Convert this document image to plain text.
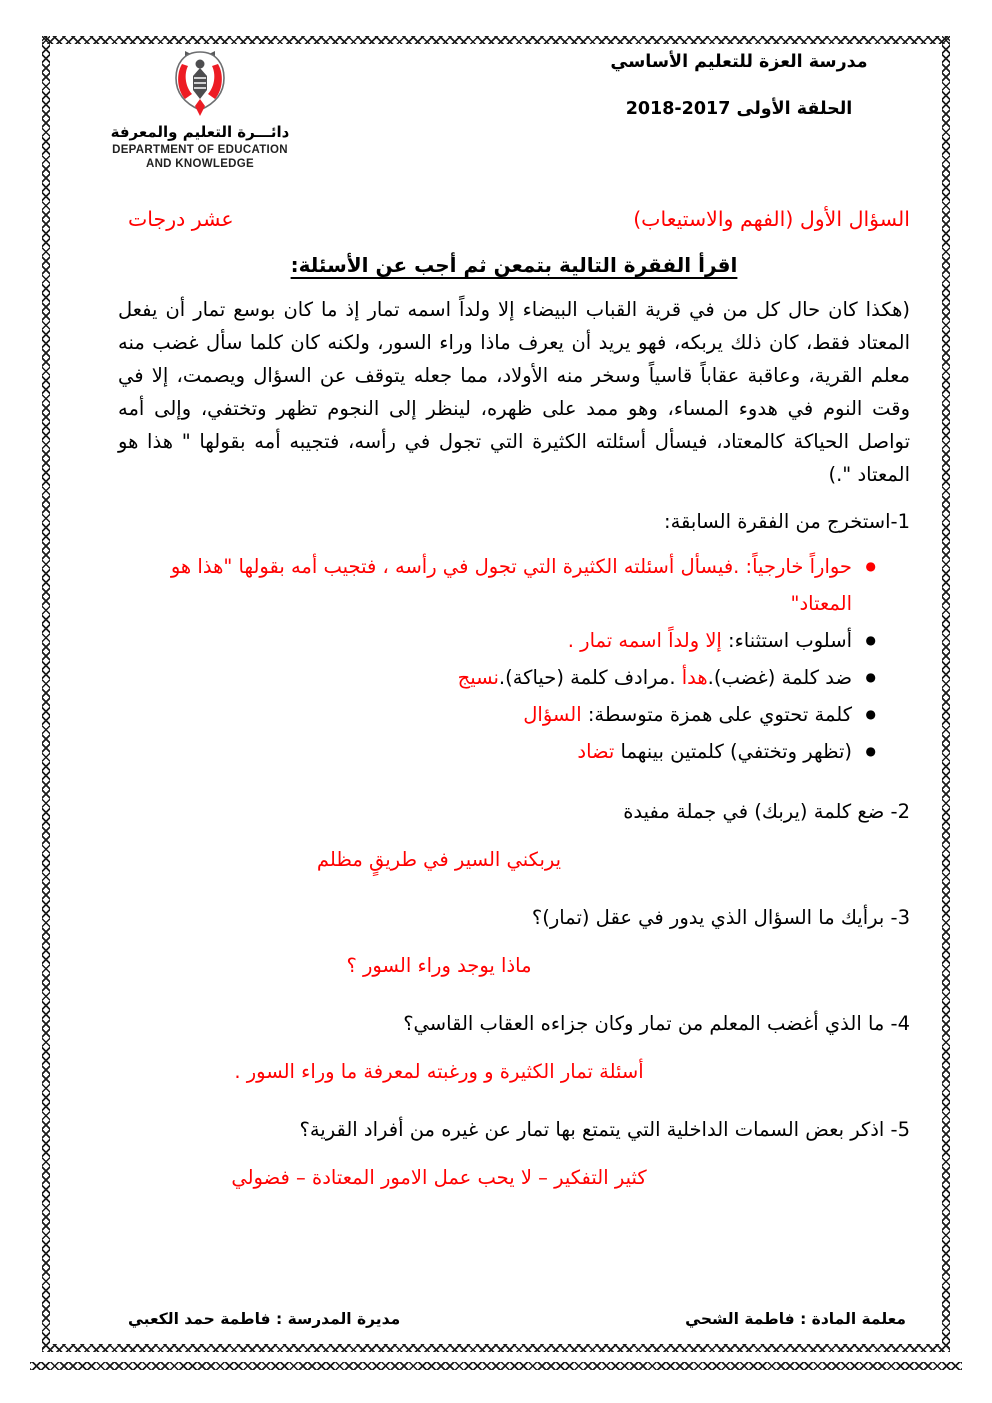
مدرسة العزة للتعليم الأساسي
الحلقة الأولى 2017-2018
دائـــرة التعليم والمعرفة
DEPARTMENT OF EDUCATION
AND KNOWLEDGE
السؤال الأول (الفهم والاستيعاب)
عشر درجات
اقرأ الفقرة التالية بتمعن ثم أجب عن الأسئلة:
(هكذا كان حال كل من في قرية القباب البيضاء إلا ولداً اسمه تمار إذ ما كان بوسع تمار أن يفعل المعتاد فقط، كان ذلك يربكه، فهو يريد أن يعرف ماذا وراء السور، ولكنه كان كلما سأل غضب منه معلم القرية، وعاقبة عقاباً قاسياً وسخر منه الأولاد، مما جعله يتوقف عن السؤال ويصمت، إلا في وقت النوم في هدوء المساء، وهو ممد على ظهره، لينظر إلى النجوم تظهر وتختفي، وإلى أمه تواصل الحياكة كالمعتاد، فيسأل أسئلته الكثيرة التي تجول في رأسه، فتجيبه أمه بقولها " هذا هو المعتاد ".)
1-استخرج من الفقرة السابقة:
● حواراً خارجياً: .فيسأل أسئلته الكثيرة التي تجول في رأسه ، فتجيب أمه بقولها "هذا هو المعتاد"
● أسلوب استثناء: إلا ولداً اسمه تمار .
● ضد كلمة (غضب).هدأ .مرادف كلمة (حياكة).نسيج
● كلمة تحتوي على همزة متوسطة: السؤال
● (تظهر وتختفي) كلمتين بينهما تضاد
2- ضع كلمة (يربك) في جملة مفيدة
يربكني السير في طريقٍ مظلم
3- برأيك ما السؤال الذي يدور في عقل (تمار)؟
ماذا يوجد وراء السور ؟
4- ما الذي أغضب المعلم من تمار وكان جزاءه العقاب القاسي؟
أسئلة تمار الكثيرة و ورغبته لمعرفة ما وراء السور .
5- اذكر بعض السمات الداخلية التي يتمتع بها تمار عن غيره من أفراد القرية؟
كثير التفكير – لا يحب عمل الامور المعتادة – فضولي
معلمة المادة : فاطمة الشحي
مديرة المدرسة : فاطمة حمد الكعبي
